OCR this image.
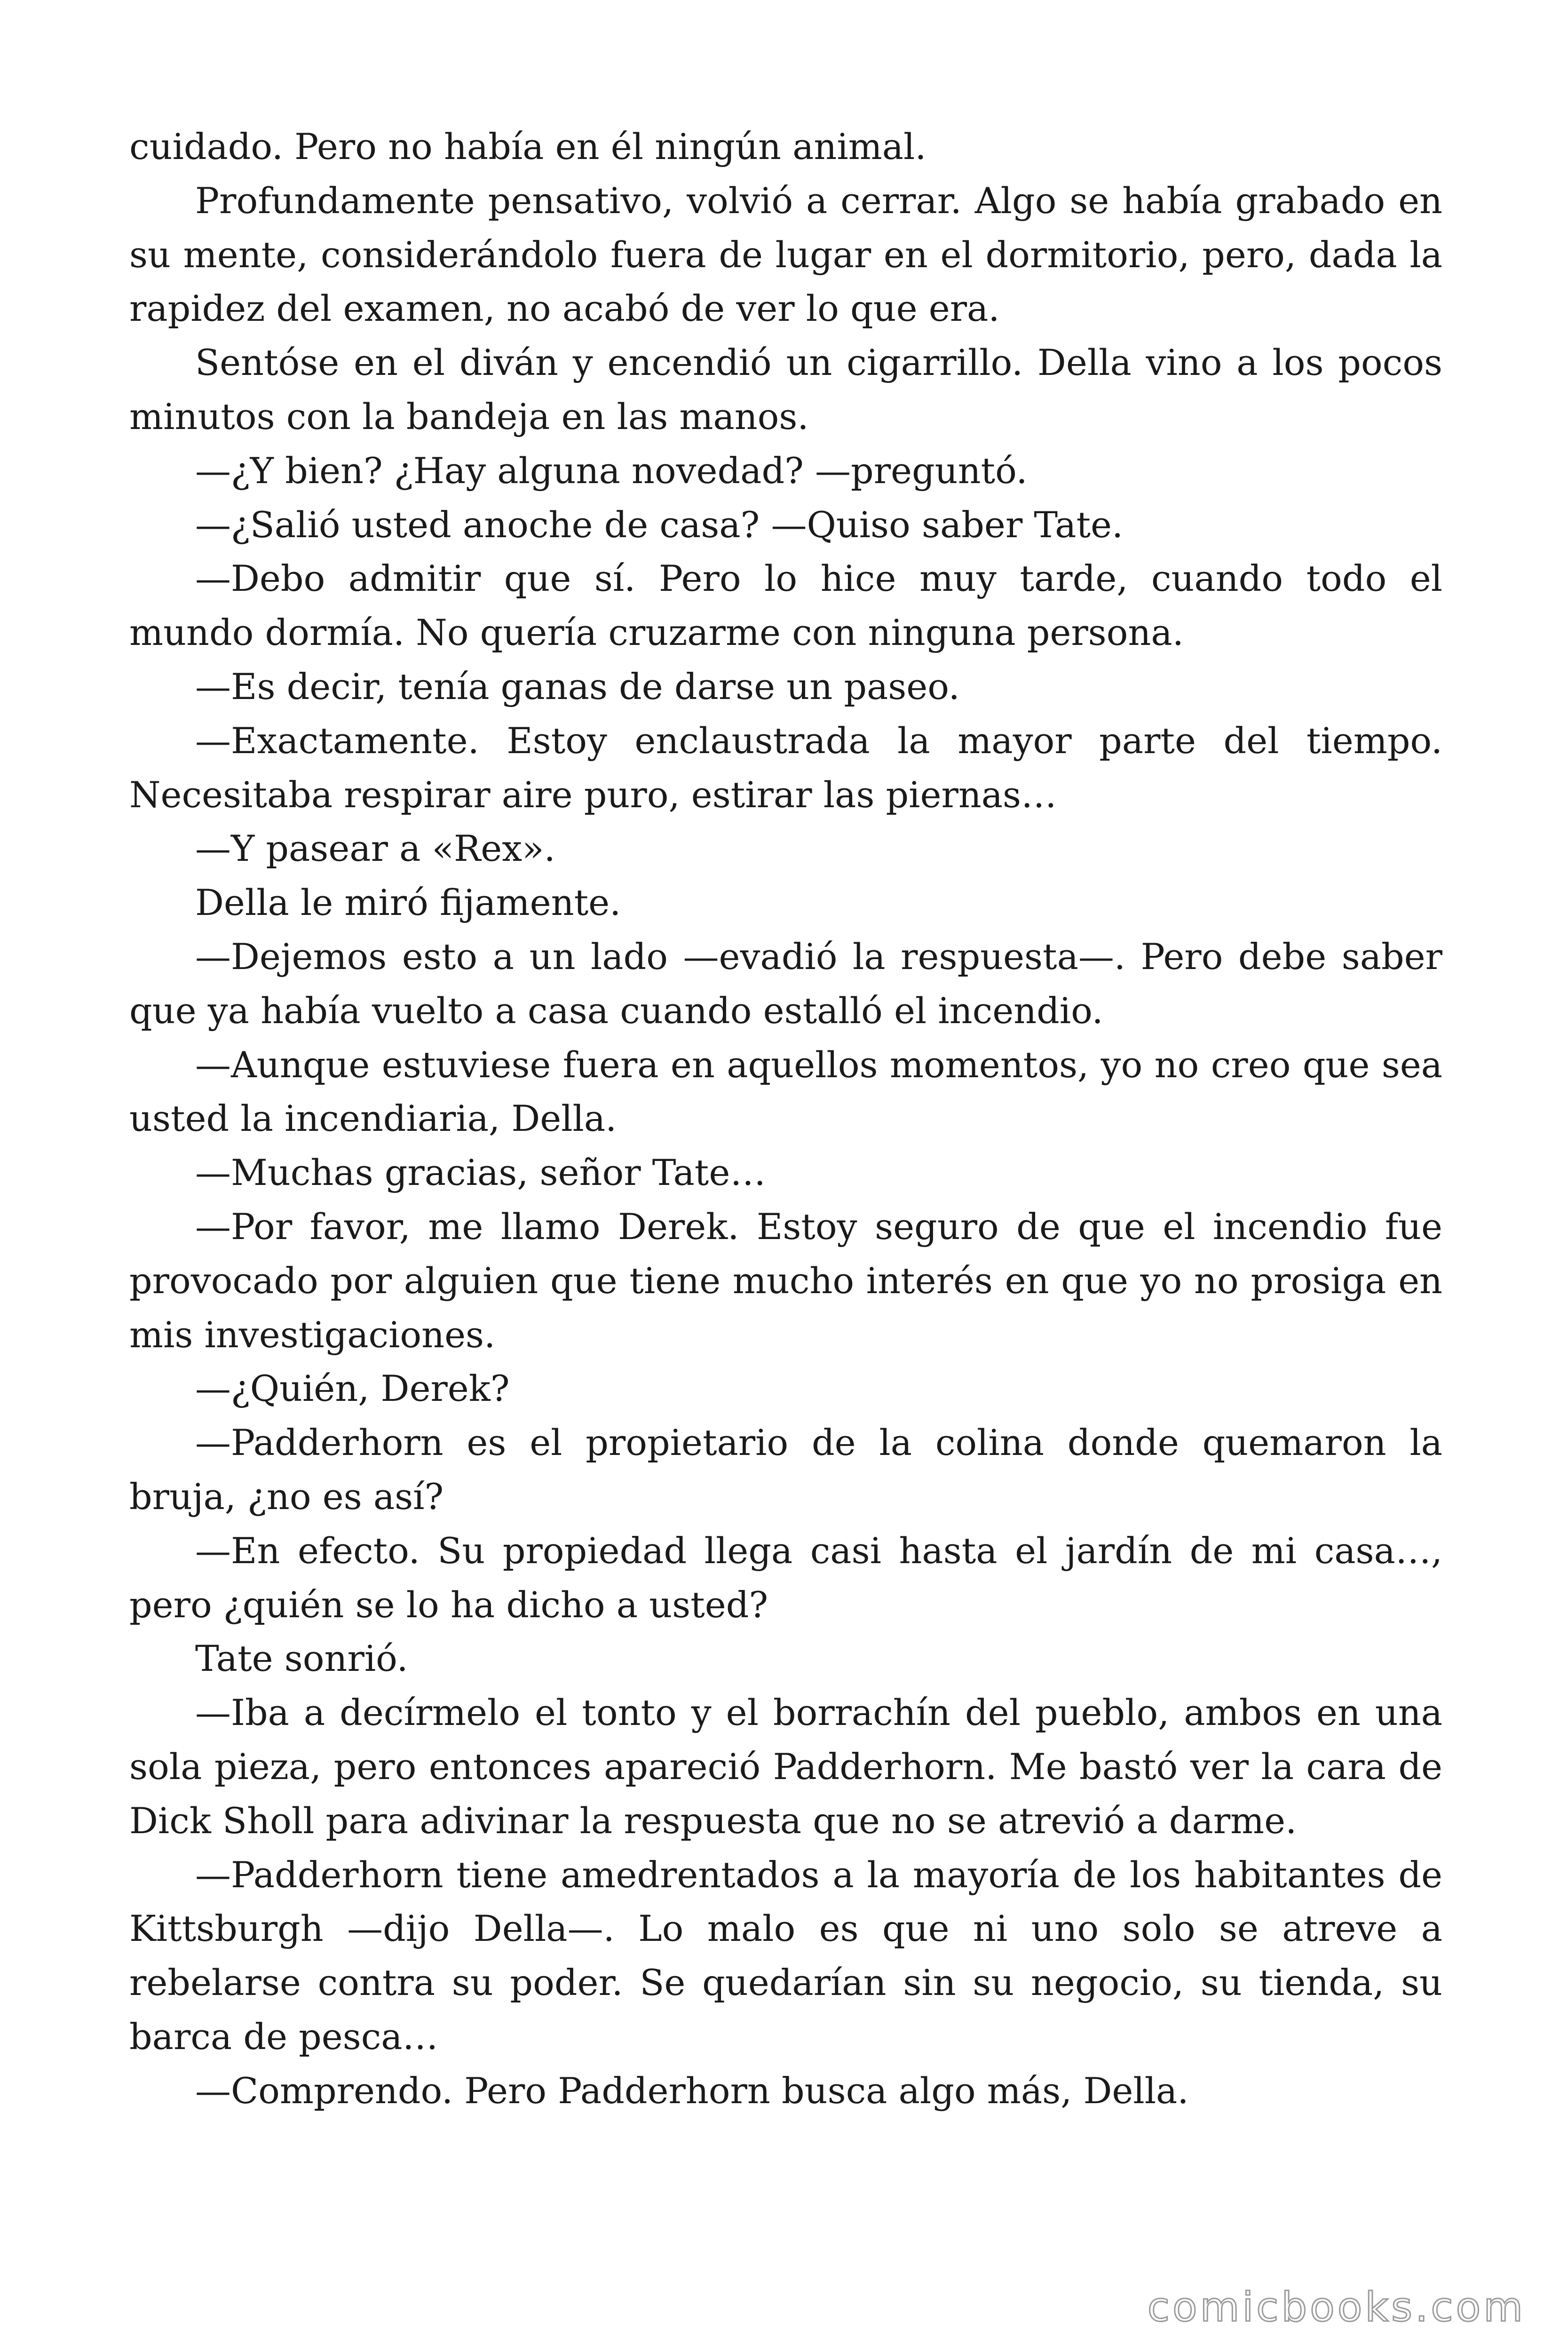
cuidado. Pero no había en él ningún animal.

Profundamente pensativo, volvió a cerrar. Algo se había grabado en su mente, considerándolo fuera de lugar en el dormitorio, pero, dada la rapidez del examen, no acabó de ver lo que era.

Sentóse en el diván y encendió un cigarrillo. Della vino a los pocos minutos con la bandeja en las manos.

—¿Y bien? ¿Hay alguna novedad? —preguntó.

—¿Salió usted anoche de casa? —Quiso saber Tate.

—Debo admitir que sí. Pero lo hice muy tarde, cuando todo el mundo dormía. No quería cruzarme con ninguna persona.

—Es decir, tenía ganas de darse un paseo.

—Exactamente. Estoy enclaustrada la mayor parte del tiempo. Necesitaba respirar aire puro, estirar las piernas…

—Y pasear a «Rex».

Della le miró fijamente.

—Dejemos esto a un lado —evadió la respuesta—. Pero debe saber que ya había vuelto a casa cuando estalló el incendio.

—Aunque estuviese fuera en aquellos momentos, yo no creo que sea usted la incendiaria, Della.

—Muchas gracias, señor Tate…

—Por favor, me llamo Derek. Estoy seguro de que el incendio fue provocado por alguien que tiene mucho interés en que yo no prosiga en mis investigaciones.

—¿Quién, Derek?

—Padderhorn es el propietario de la colina donde quemaron la bruja, ¿no es así?

—En efecto. Su propiedad llega casi hasta el jardín de mi casa…, pero ¿quién se lo ha dicho a usted?

Tate sonrió.

—Iba a decírmelo el tonto y el borrachín del pueblo, ambos en una sola pieza, pero entonces apareció Padderhorn. Me bastó ver la cara de Dick Sholl para adivinar la respuesta que no se atrevió a darme.

—Padderhorn tiene amedrentados a la mayoría de los habitantes de Kittsburgh —dijo Della—. Lo malo es que ni uno solo se atreve a rebelarse contra su poder. Se quedarían sin su negocio, su tienda, su barca de pesca…

—Comprendo. Pero Padderhorn busca algo más, Della.

comicbooks.com
